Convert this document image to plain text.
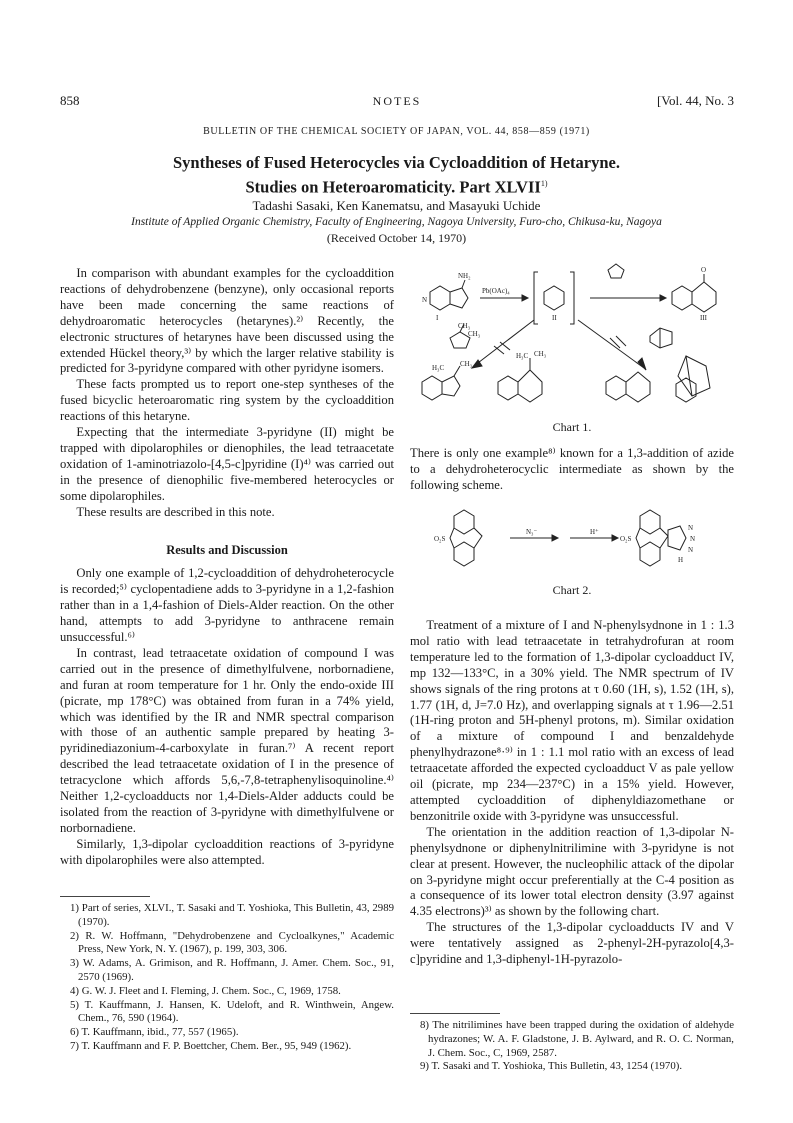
858	NOTES	[Vol. 44, No. 3
BULLETIN OF THE CHEMICAL SOCIETY OF JAPAN, VOL. 44, 858—859 (1971)
Syntheses of Fused Heterocycles via Cycloaddition of Hetaryne.
Studies on Heteroaromaticity. Part XLVII$^{1)}$
Tadashi Sasaki, Ken Kanematsu, and Masayuki Uchide
Institute of Applied Organic Chemistry, Faculty of Engineering, Nagoya University, Furo-cho, Chikusa-ku, Nagoya
(Received October 14, 1970)

In comparison with abundant examples for the cycloaddition reactions of dehydrobenzene (benzyne), only occasional reports have been made concerning the same reactions of dehydroaromatic heterocycles (hetarynes).²⁾ Recently, the electronic structures of hetarynes have been discussed using the extended Hückel theory,³⁾ by which the larger relative stability is predicted for 3-pyridyne compared with other pyridyne isomers.

These facts prompted us to report one-step syntheses of the fused bicyclic heteroaromatic ring system by the cycloaddition reactions of this hetaryne.

Expecting that the intermediate 3-pyridyne (II) might be trapped with dipolarophiles or dienophiles, the lead tetraacetate oxidation of 1-aminotriazolo-[4,5-c]pyridine (I)⁴⁾ was carried out in the presence of dienophilic five-membered heterocycles or some dipolarophiles.

These results are described in this note.

Results and Discussion

Only one example of 1,2-cycloaddition of dehydroheterocycle is recorded;⁵⁾ cyclopentadiene adds to 3-pyridyne in a 1,2-fashion rather than in a 1,4-fashion of Diels-Alder reaction. On the other hand, attempts to add 3-pyridyne to anthracene remain unsuccessful.⁶⁾

In contrast, lead tetraacetate oxidation of compound I was carried out in the presence of dimethylfulvene, norbornadiene, and furan at room temperature for 1 hr. Only the endo-oxide III (picrate, mp 178°C) was obtained from furan in a 74% yield, which was identified by the IR and NMR spectral comparison with those of an authentic sample prepared by heating 3-pyridinediazonium-4-carboxylate in furan.⁷⁾ A recent report described the lead tetraacetate oxidation of I in the presence of tetracyclone which affords 5,6,-7,8-tetraphenylisoquinoline.⁴⁾ Neither 1,2-cycloadducts nor 1,4-Diels-Alder adducts could be isolated from the reaction of 3-pyridyne with dimethylfulvene or norbornadiene.

Similarly, 1,3-dipolar cycloaddition reactions of 3-pyridyne with dipolarophiles were also attempted.

1) Part of series, XLVI., T. Sasaki and T. Yoshioka, This Bulletin, 43, 2989 (1970).
2) R. W. Hoffmann, "Dehydrobenzene and Cycloalkynes," Academic Press, New York, N. Y. (1967), p. 199, 303, 306.
3) W. Adams, A. Grimison, and R. Hoffmann, J. Amer. Chem. Soc., 91, 2570 (1969).
4) G. W. J. Fleet and I. Fleming, J. Chem. Soc., C, 1969, 1758.
5) T. Kauffmann, J. Hansen, K. Udeloft, and R. Winthwein, Angew. Chem., 76, 590 (1964).
6) T. Kauffmann, ibid., 77, 557 (1965).
7) T. Kauffmann and F. P. Boettcher, Chem. Ber., 95, 949 (1962).
I	II	III
NH₂
Pb(OAc)₄
CH₃
CH₃
H₃C CH₃
H₃C CH₃
N
O
Chart 1.

There is only one example⁸⁾ known for a 1,3-addition of azide to a dehydroheterocyclic intermediate as shown by the following scheme.

O₂S
N₃⁻	H⁺
O₂S
N
N
N
H
Chart 2.

Treatment of a mixture of I and N-phenylsydnone in 1 : 1.3 mol ratio with lead tetraacetate in tetrahydrofuran at room temperature led to the formation of 1,3-dipolar cycloadduct IV, mp 132—133°C, in a 30% yield. The NMR spectrum of IV shows signals of the ring protons at τ 0.60 (1H, s), 1.52 (1H, s), 1.77 (1H, d, J=7.0 Hz), and overlapping signals at τ 1.96—2.51 (1H-ring proton and 5H-phenyl protons, m). Similar oxidation of a mixture of compound I and benzaldehyde phenylhydrazone⁸·⁹⁾ in 1 : 1.1 mol ratio with an excess of lead tetraacetate afforded the expected cycloadduct V as pale yellow oil (picrate, mp 234—237°C) in a 15% yield. However, attempted cycloaddition of diphenyldiazomethane or benzonitrile oxide with 3-pyridyne was unsuccessful.

The orientation in the addition reaction of 1,3-dipolar N-phenylsydnone or diphenylnitrilimine with 3-pyridyne is not clear at present. However, the nucleophilic attack of the dipolar on 3-pyridyne might occur preferentially at the C-4 position as a consequence of its lower total electron density (3.97 against 4.35 electrons)³⁾ as shown by the following chart.

The structures of the 1,3-dipolar cycloadducts IV and V were tentatively assigned as 2-phenyl-2H-pyrazolo[4,3-c]pyridine and 1,3-diphenyl-1H-pyrazolo-

8) The nitrilimines have been trapped during the oxidation of aldehyde hydrazones; W. A. F. Gladstone, J. B. Aylward, and R. O. C. Norman, J. Chem. Soc., C, 1969, 2587.
9) T. Sasaki and T. Yoshioka, This Bulletin, 43, 1254 (1970).
